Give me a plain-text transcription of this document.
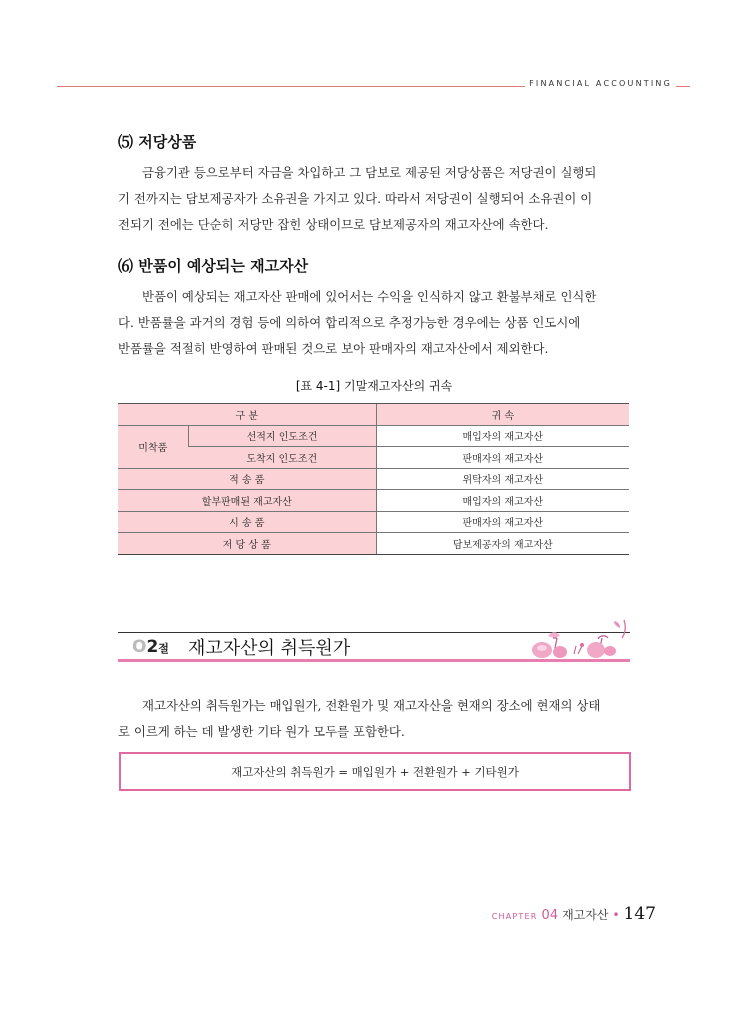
FINANCIAL ACCOUNTING
⑸ 저당상품
금융기관 등으로부터 자금을 차입하고 그 담보로 제공된 저당상품은 저당권이 실행되
기 전까지는 담보제공자가 소유권을 가지고 있다. 따라서 저당권이 실행되어 소유권이 이
전되기 전에는 단순히 저당만 잡힌 상태이므로 담보제공자의 재고자산에 속한다.
⑹ 반품이 예상되는 재고자산
반품이 예상되는 재고자산 판매에 있어서는 수익을 인식하지 않고 환불부채로 인식한
다. 반품률을 과거의 경험 등에 의하여 합리적으로 추정가능한 경우에는 상품 인도시에
반품률을 적절히 반영하여 판매된 것으로 보아 판매자의 재고자산에서 제외한다.
[표 4-1] 기말재고자산의 귀속
구 분		귀 속
미착품	선적지 인도조건	매입자의 재고자산
	도착지 인도조건	판매자의 재고자산
적 송 품		위탁자의 재고자산
할부판매된 재고자산		매입자의 재고자산
시 송 품		판매자의 재고자산
저 당 상 품		담보제공자의 재고자산
O2절 재고자산의 취득원가
재고자산의 취득원가는 매입원가, 전환원가 및 재고자산을 현재의 장소에 현재의 상태
로 이르게 하는 데 발생한 기타 원가 모두를 포함한다.
재고자산의 취득원가 = 매입원가 + 전환원가 + 기타원가
CHAPTER 04 재고자산 • 147
